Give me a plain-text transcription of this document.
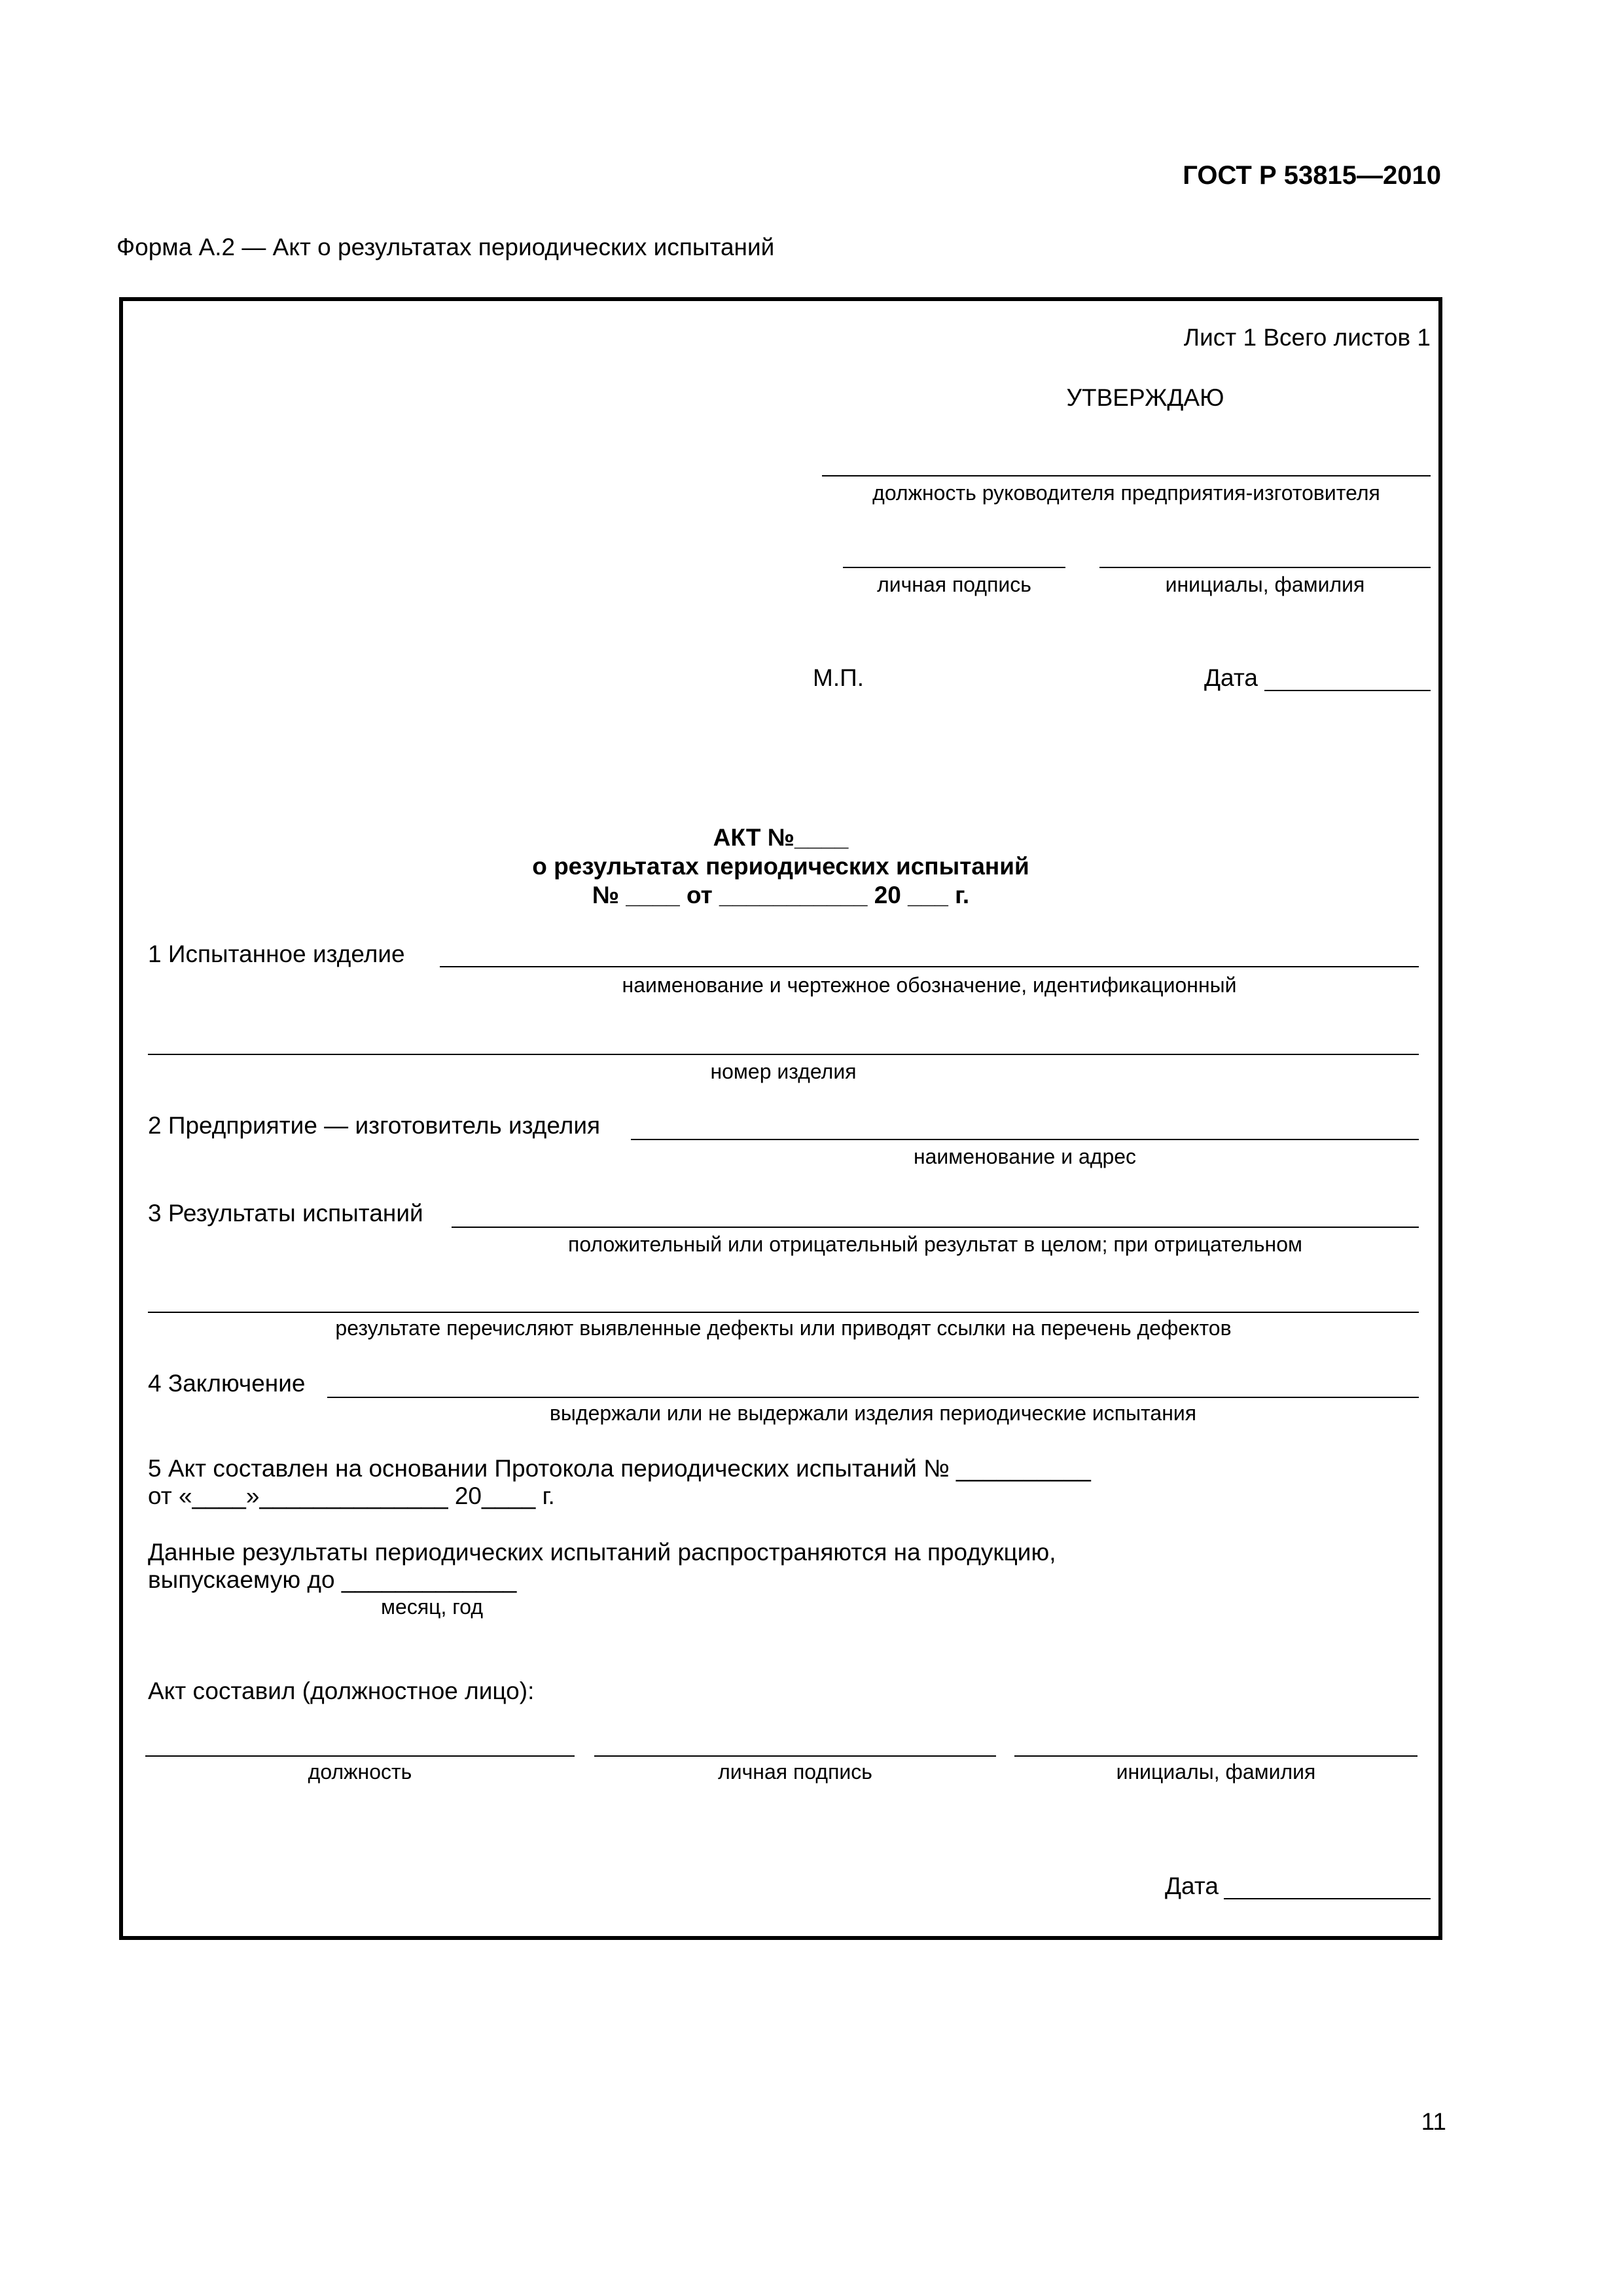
ГОСТ Р 53815—2010
Форма А.2 — Акт о результатах периодических испытаний
Лист 1 Всего листов 1
УТВЕРЖДАЮ
должность руководителя предприятия-изготовителя
личная подпись	инициалы, фамилия
М.П.	Дата
АКТ №____
о результатах периодических испытаний
№ ____ от ___________ 20 ___ г.
1 Испытанное изделие
наименование и чертежное обозначение, идентификационный
номер изделия
2 Предприятие — изготовитель изделия
наименование и адрес
3 Результаты испытаний
положительный или отрицательный результат в целом; при отрицательном
результате перечисляют выявленные дефекты или приводят ссылки на перечень дефектов
4 Заключение
выдержали или не выдержали изделия периодические испытания
5 Акт составлен на основании Протокола периодических испытаний № __________
от «____»______________ 20____ г.
Данные результаты периодических испытаний распространяются на продукцию,
выпускаемую до _____________
месяц, год
Акт составил (должностное лицо):
должность	личная подпись	инициалы, фамилия
Дата
11
